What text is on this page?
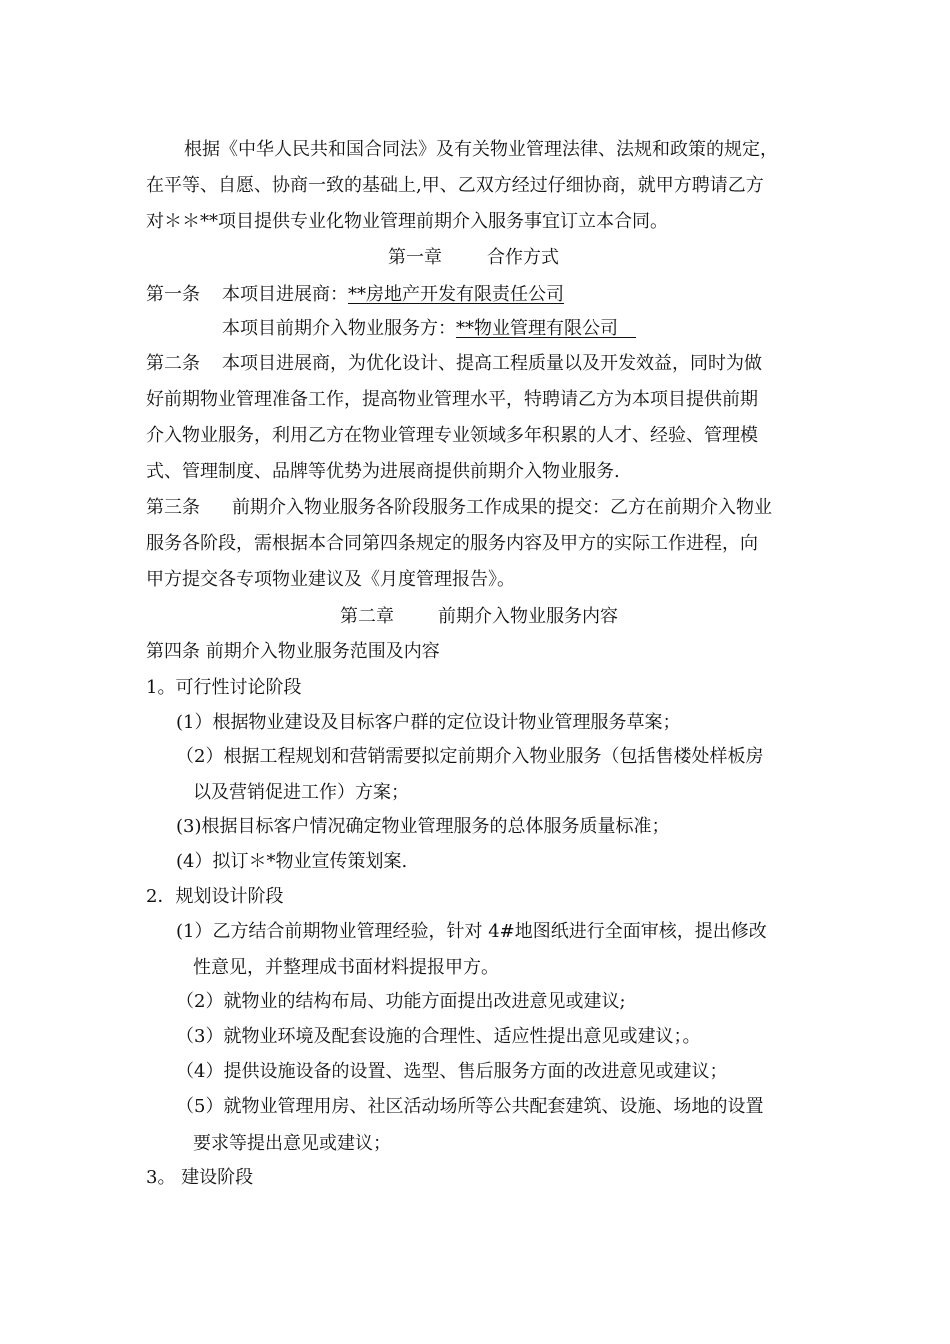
根据《中华人民共和国合同法》及有关物业管理法律、法规和政策的规定，
在平等、自愿、协商一致的基础上,甲、乙双方经过仔细协商，就甲方聘请乙方
对＊＊**项目提供专业化物业管理前期介入服务事宜订立本合同。
第一章	合作方式
第一条 本项目进展商：**房地产开发有限责任公司
本项目前期介入物业服务方：**物业管理有限公司　
第二条 本项目进展商，为优化设计、提高工程质量以及开发效益，同时为做
好前期物业管理准备工作，提高物业管理水平，特聘请乙方为本项目提供前期
介入物业服务，利用乙方在物业管理专业领域多年积累的人才、经验、管理模
式、管理制度、品牌等优势为进展商提供前期介入物业服务.
第三条 前期介入物业服务各阶段服务工作成果的提交：乙方在前期介入物业
服务各阶段，需根据本合同第四条规定的服务内容及甲方的实际工作进程，向
甲方提交各专项物业建议及《月度管理报告》。
第二章 前期介入物业服务内容
第四条 前期介入物业服务范围及内容
1。可行性讨论阶段
(1）根据物业建设及目标客户群的定位设计物业管理服务草案；
（2）根据工程规划和营销需要拟定前期介入物业服务（包括售楼处样板房
以及营销促进工作）方案；
(3)根据目标客户情况确定物业管理服务的总体服务质量标准；
(4）拟订＊*物业宣传策划案.
2．规划设计阶段
(1）乙方结合前期物业管理经验，针对 4#地图纸进行全面审核，提出修改
性意见，并整理成书面材料提报甲方。
（2）就物业的结构布局、功能方面提出改进意见或建议;
（3）就物业环境及配套设施的合理性、适应性提出意见或建议；。
（4）提供设施设备的设置、选型、售后服务方面的改进意见或建议；
（5）就物业管理用房、社区活动场所等公共配套建筑、设施、场地的设置
要求等提出意见或建议；
3。 建设阶段
